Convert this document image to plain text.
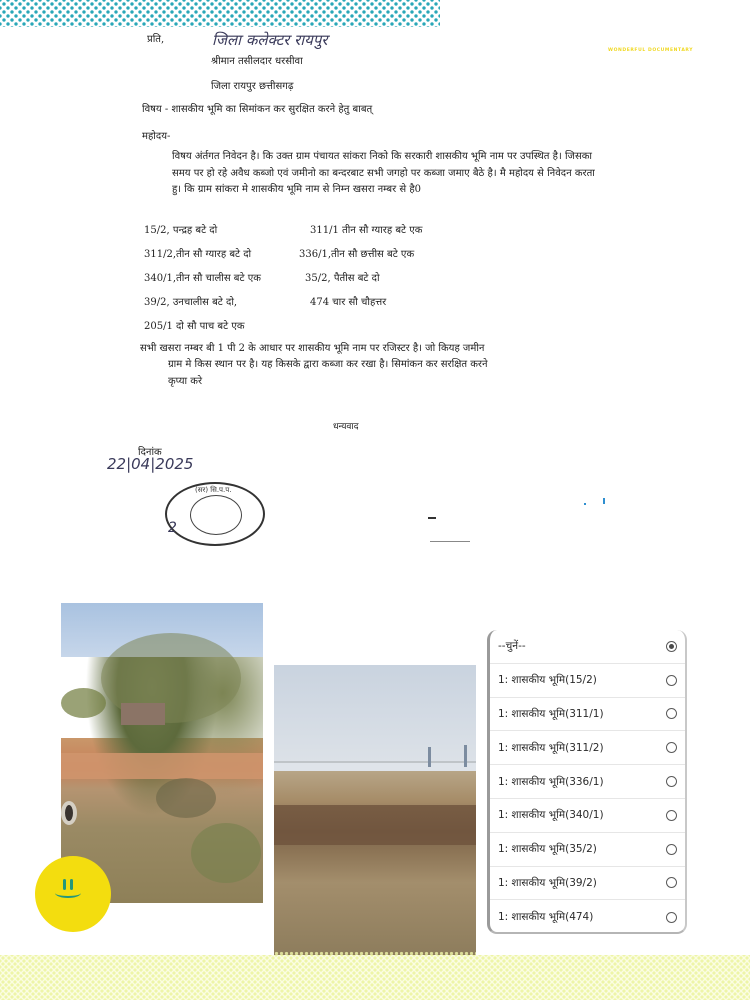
WONDERFUL DOCUMENTARY
प्रति,	जिला कलेक्टर रायपुर
श्रीमान तसीलदार धरसीवा
जिला रायपुर छत्तीसगढ़
विषय - शासकीय भूमि का सिमांकन कर सुरक्षित करने हेतु बाबत्
महोदय-
विषय अंर्तगत निवेदन है। कि उक्त ग्राम पंचायत सांकरा निको कि सरकारी शासकीय भूमि नाम पर उपस्थित है। जिसका समय पर हो रहे अवैध कब्जो एवं जमीनो का बन्दरबाट सभी जगहो पर कब्जा जमाए बैठे है। मै महोदय से निवेदन करता हु। कि ग्राम सांकरा मे शासकीय भूमि नाम से निम्न खसरा नम्बर से है0
15/2, पन्द्रह बटे दो	311/1 तीन सौ ग्यारह बटे एक
311/2,तीन सौ ग्यारह बटे दो	336/1,तीन सौ छत्तीस बटे एक
340/1,तीन सौ चालीस बटे एक	35/2, पैतीस बटे दो
39/2, उनचालीस बटे दो,	474 चार सौ चौहत्तर
205/1 दो सौ पाच बटे एक
सभी खसरा नम्बर बी 1 पी 2 के आधार पर शासकीय भूमि नाम पर रजिस्टर है। जो कियह जमीन
ग्राम मे किस स्थान पर है। यह किसके द्वारा कब्जा कर रखा है। सिमांकन कर सरक्षित करने
कृप्या करे
धन्यवाद
दिनांक
22|04|2025
(सर) सि.प.प.
2
--चुनें--
1: शासकीय भूमि(15/2)
1: शासकीय भूमि(311/1)
1: शासकीय भूमि(311/2)
1: शासकीय भूमि(336/1)
1: शासकीय भूमि(340/1)
1: शासकीय भूमि(35/2)
1: शासकीय भूमि(39/2)
1: शासकीय भूमि(474)
